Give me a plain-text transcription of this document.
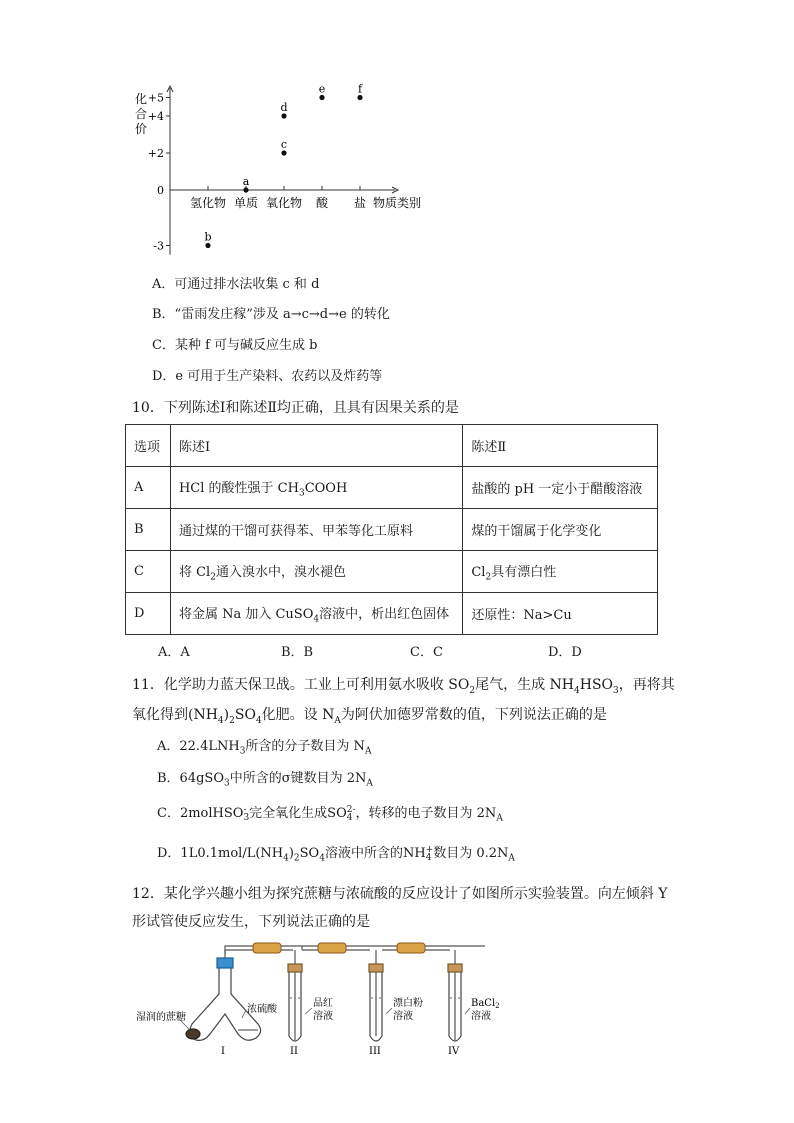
化
合
价
+5
+4
+2
0
-3
氢化物 单质 氧化物 酸 盐 物质类别
a
b
c
d
e	f
A．可通过排水法收集 c 和 d
B．“雷雨发庄稼”涉及 a→c→d→e 的转化
C．某种 f 可与碱反应生成 b
D．e 可用于生产染料、农药以及炸药等
10．下列陈述Ⅰ和陈述Ⅱ均正确，且具有因果关系的是
选项	陈述Ⅰ	陈述Ⅱ
A	HCl 的酸性强于 $CH_3COOH$	盐酸的 pH 一定小于醋酸溶液
B	通过煤的干馏可获得苯、甲苯等化工原料	煤的干馏属于化学变化
C	将 $Cl_2$通入溴水中，溴水褪色	$Cl_2$具有漂白性
D	将金属 Na 加入 CuSO$_4$溶液中，析出红色固体	还原性：Na>Cu
A．A	B．B	C．C	D．D
11．化学助力蓝天保卫战。工业上可利用氨水吸收 $SO_2$尾气，生成 $NH_4HSO_3$，再将其
氧化得到$(NH_4)_2SO_4$化肥。设 $N_A$为阿伏加德罗常数的值，下列说法正确的是
A．$22.4LNH_3$所含的分子数目为 $N_A$
B．64gSO$_3$中所含的σ键数目为 $2N_A$
C．2molHSO -
3 完全氧化生成SO 2-
4 ，转移的电子数目为 $2N_A$
D．$1L0.1mol/L(NH_4)_2SO_4$溶液中所含的NH +
4 数目为 $0.2N_A$
12．某化学兴趣小组为探究蔗糖与浓硫酸的反应设计了如图所示实验装置。向左倾斜 Y
形试管使反应发生，下列说法正确的是
湿润的蔗糖
浓硫酸
品红
溶液
漂白粉
溶液
BaCl$_2$
溶液
I	II	III	IV
